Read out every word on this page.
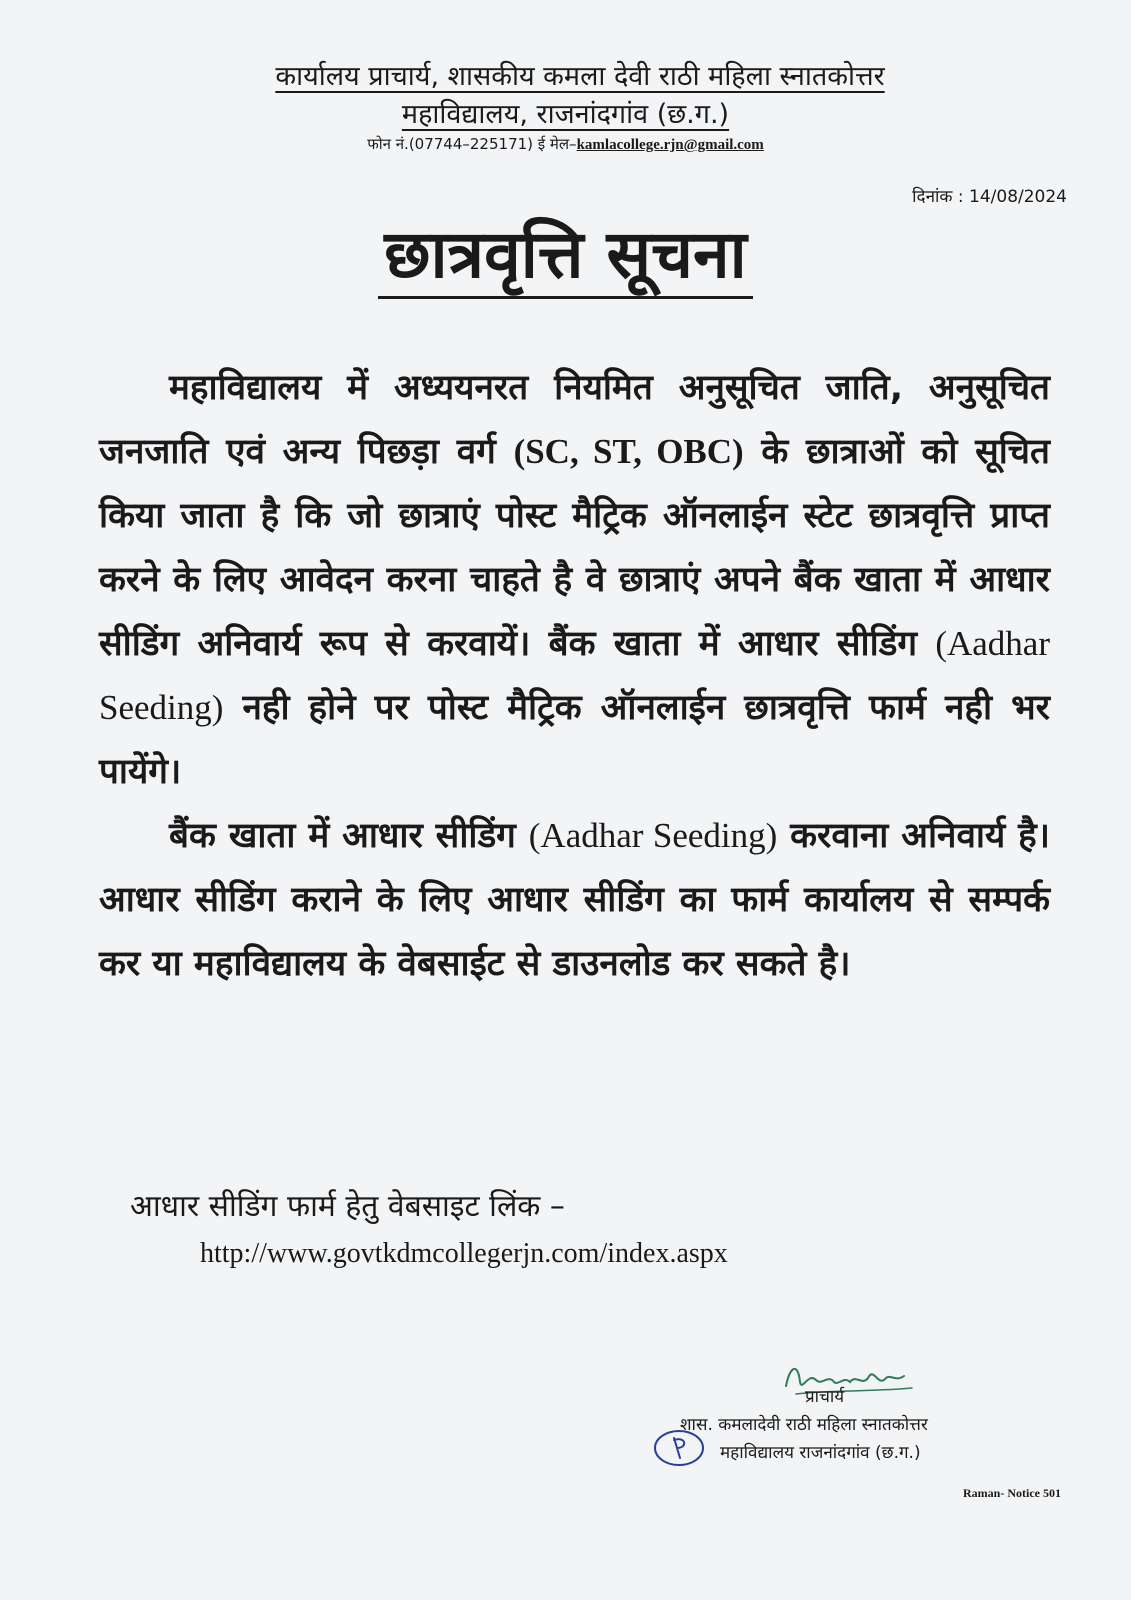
कार्यालय प्राचार्य, शासकीय कमला देवी राठी महिला स्नातकोत्तर
महाविद्यालय, राजनांदगांव (छ.ग.)
फोन नं.(07744–225171) ई मेल–kamlacollege.rjn@gmail.com
दिनांक : 14/08/2024
छात्रवृत्ति सूचना

महाविद्यालय में अध्ययनरत नियमित अनुसूचित जाति, अनुसूचित जनजाति एवं अन्य पिछड़ा वर्ग (SC, ST, OBC) के छात्राओं को सूचित किया जाता है कि जो छात्राएं पोस्ट मैट्रिक ऑनलाईन स्टेट छात्रवृत्ति प्राप्त करने के लिए आवेदन करना चाहते है वे छात्राएं अपने बैंक खाता में आधार सीडिंग अनिवार्य रूप से करवायें। बैंक खाता में आधार सीडिंग (Aadhar Seeding) नही होने पर पोस्ट मैट्रिक ऑनलाईन छात्रवृत्ति फार्म नही भर पायेंगे।

बैंक खाता में आधार सीडिंग (Aadhar Seeding) करवाना अनिवार्य है। आधार सीडिंग कराने के लिए आधार सीडिंग का फार्म कार्यालय से सम्पर्क कर या महाविद्यालय के वेबसाईट से डाउनलोड कर सकते है।

आधार सीडिंग फार्म हेतु वेबसाइट लिंक –
http://www.govtkdmcollegerjn.com/index.aspx
प्राचार्य
शास. कमलादेवी राठी महिला स्नातकोत्तर
महाविद्यालय राजनांदगांव (छ.ग.)
Raman- Notice 501
